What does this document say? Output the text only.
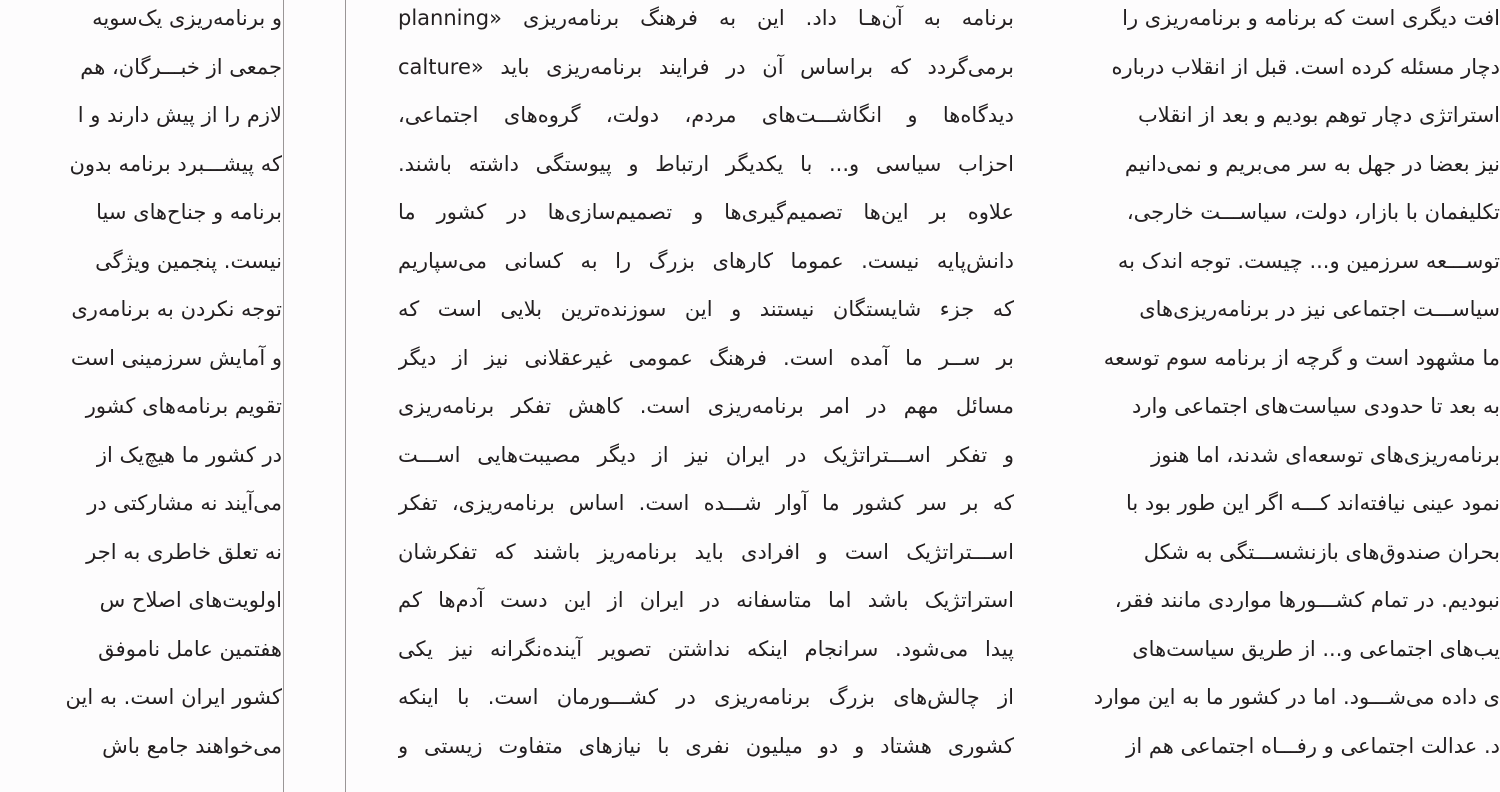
و برنامه‌ریزی یک‌سویه
جمعی از خبـــرگان، هم
لازم را از پیش دارند و ا
که پیشـــبرد برنامه بدون
برنامه و جناح‌های سیا
نیست. پنجمین ویژگی
توجه نکردن به برنامه‌ری
و آمایش سرزمینی است
تقویم برنامه‌های کشور
در کشور ما هیچ‌یک از
می‌آیند نه مشارکتی در
نه تعلق خاطری به اجر
اولویت‌های اصلاح س
هفتمین عامل ناموفق
کشور ایران است. به این
می‌خواهند جامع باش
برنامه به آن‌هـا داد. این به فرهنگ برنامه‌ریزی «planning
calture» برمی‌گردد که براساس آن در فرایند برنامه‌ریزی باید
دیدگاه‌ها و انگاشـــت‌های مردم، دولت، گروه‌های اجتماعی،
احزاب سیاسی و... با یکدیگر ارتباط و پیوستگی داشته باشند.
علاوه بر این‌ها تصمیم‌گیری‌ها و تصمیم‌سازی‌ها در کشور ما
دانش‌پایه نیست. عموما کارهای بزرگ را به کسانی می‌سپاریم
که جزء شایستگان نیستند و این سوزنده‌ترین بلایی است که
بر ســر ما آمده است. فرهنگ عمومی غیرعقلانی نیز از دیگر
مسائل مهم در امر برنامه‌ریزی است. کاهش تفکر برنامه‌ریزی
و تفکر اســـتراتژیک در ایران نیز از دیگر مصیبت‌هایی اســـت
که بر سر کشور ما آوار شـــده است. اساس برنامه‌ریزی، تفکر
اســـتراتژیک است و افرادی باید برنامه‌ریز باشند که تفکرشان
استراتژیک باشد اما متاسفانه در ایران از این دست آدم‌ها کم
پیدا می‌شود. سرانجام اینکه نداشتن تصویر آینده‌نگرانه نیز یکی
از چالش‌های بزرگ برنامه‌ریزی در کشـــورمان است. با اینکه
کشوری هشتاد و دو میلیون نفری با نیازهای متفاوت زیستی و
افت دیگری است که برنامه و برنامه‌ریزی را
دچار مسئله کرده است. قبل از انقلاب درباره
استراتژی دچار توهم بودیم و بعد از انقلاب
نیز بعضا در جهل به سر می‌بریم و نمی‌دانیم
تکلیفمان با بازار، دولت، سیاســـت خارجی،
توســـعه سرزمین و... چیست. توجه اندک به
سیاســـت اجتماعی نیز در برنامه‌ریزی‌های
ما مشهود است و گرچه از برنامه سوم توسعه
به بعد تا حدودی سیاست‌های اجتماعی وارد
برنامه‌ریزی‌های توسعه‌ای شدند، اما هنوز
نمود عینی نیافته‌اند کـــه اگر این طور بود با
بحران صندوق‌های بازنشســـتگی به شکل
نبودیم. در تمام کشـــورها مواردی مانند فقر،
یب‌های اجتماعی و... از طریق سیاست‌های
ی داده می‌شـــود. اما در کشور ما به این موارد
د. عدالت اجتماعی و رفـــاه اجتماعی هم از
